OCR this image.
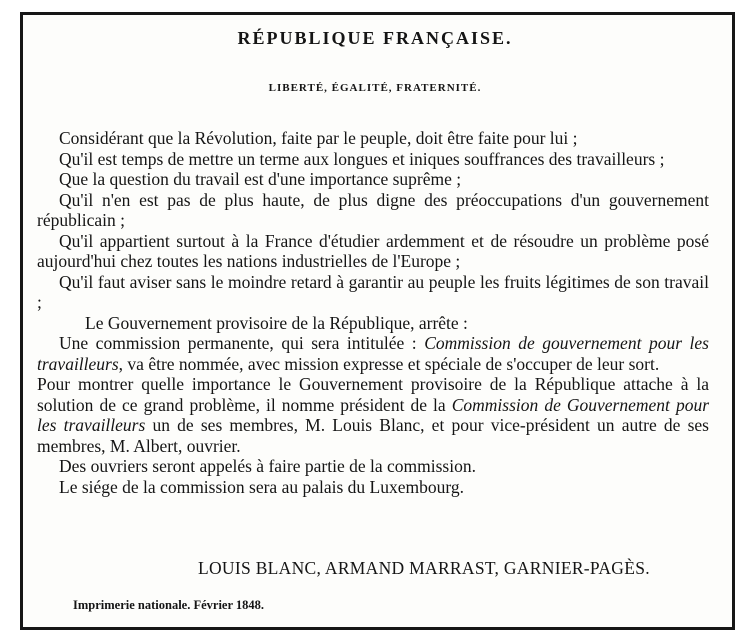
RÉPUBLIQUE FRANÇAISE.
LIBERTÉ, ÉGALITÉ, FRATERNITÉ.

Considérant que la Révolution, faite par le peuple, doit être faite pour lui ;

Qu'il est temps de mettre un terme aux longues et iniques souffrances des travailleurs ;

Que la question du travail est d'une importance suprême ;

Qu'il n'en est pas de plus haute, de plus digne des préoccupations d'un gouvernement républicain ;

Qu'il appartient surtout à la France d'étudier ardemment et de résoudre un problème posé aujourd'hui chez toutes les nations industrielles de l'Europe ;

Qu'il faut aviser sans le moindre retard à garantir au peuple les fruits légitimes de son travail ;

Le Gouvernement provisoire de la République, arrête :

Une commission permanente, qui sera intitulée : Commission de gouvernement pour les travailleurs, va être nommée, avec mission expresse et spéciale de s'occuper de leur sort.

Pour montrer quelle importance le Gouvernement provisoire de la République attache à la solution de ce grand problème, il nomme président de la Commission de Gouvernement pour les travailleurs un de ses membres, M. Louis Blanc, et pour vice-président un autre de ses membres, M. Albert, ouvrier.

Des ouvriers seront appelés à faire partie de la commission.

Le siége de la commission sera au palais du Luxembourg.

LOUIS BLANC, ARMAND MARRAST, GARNIER-PAGÈS.
Imprimerie nationale. Février 1848.
